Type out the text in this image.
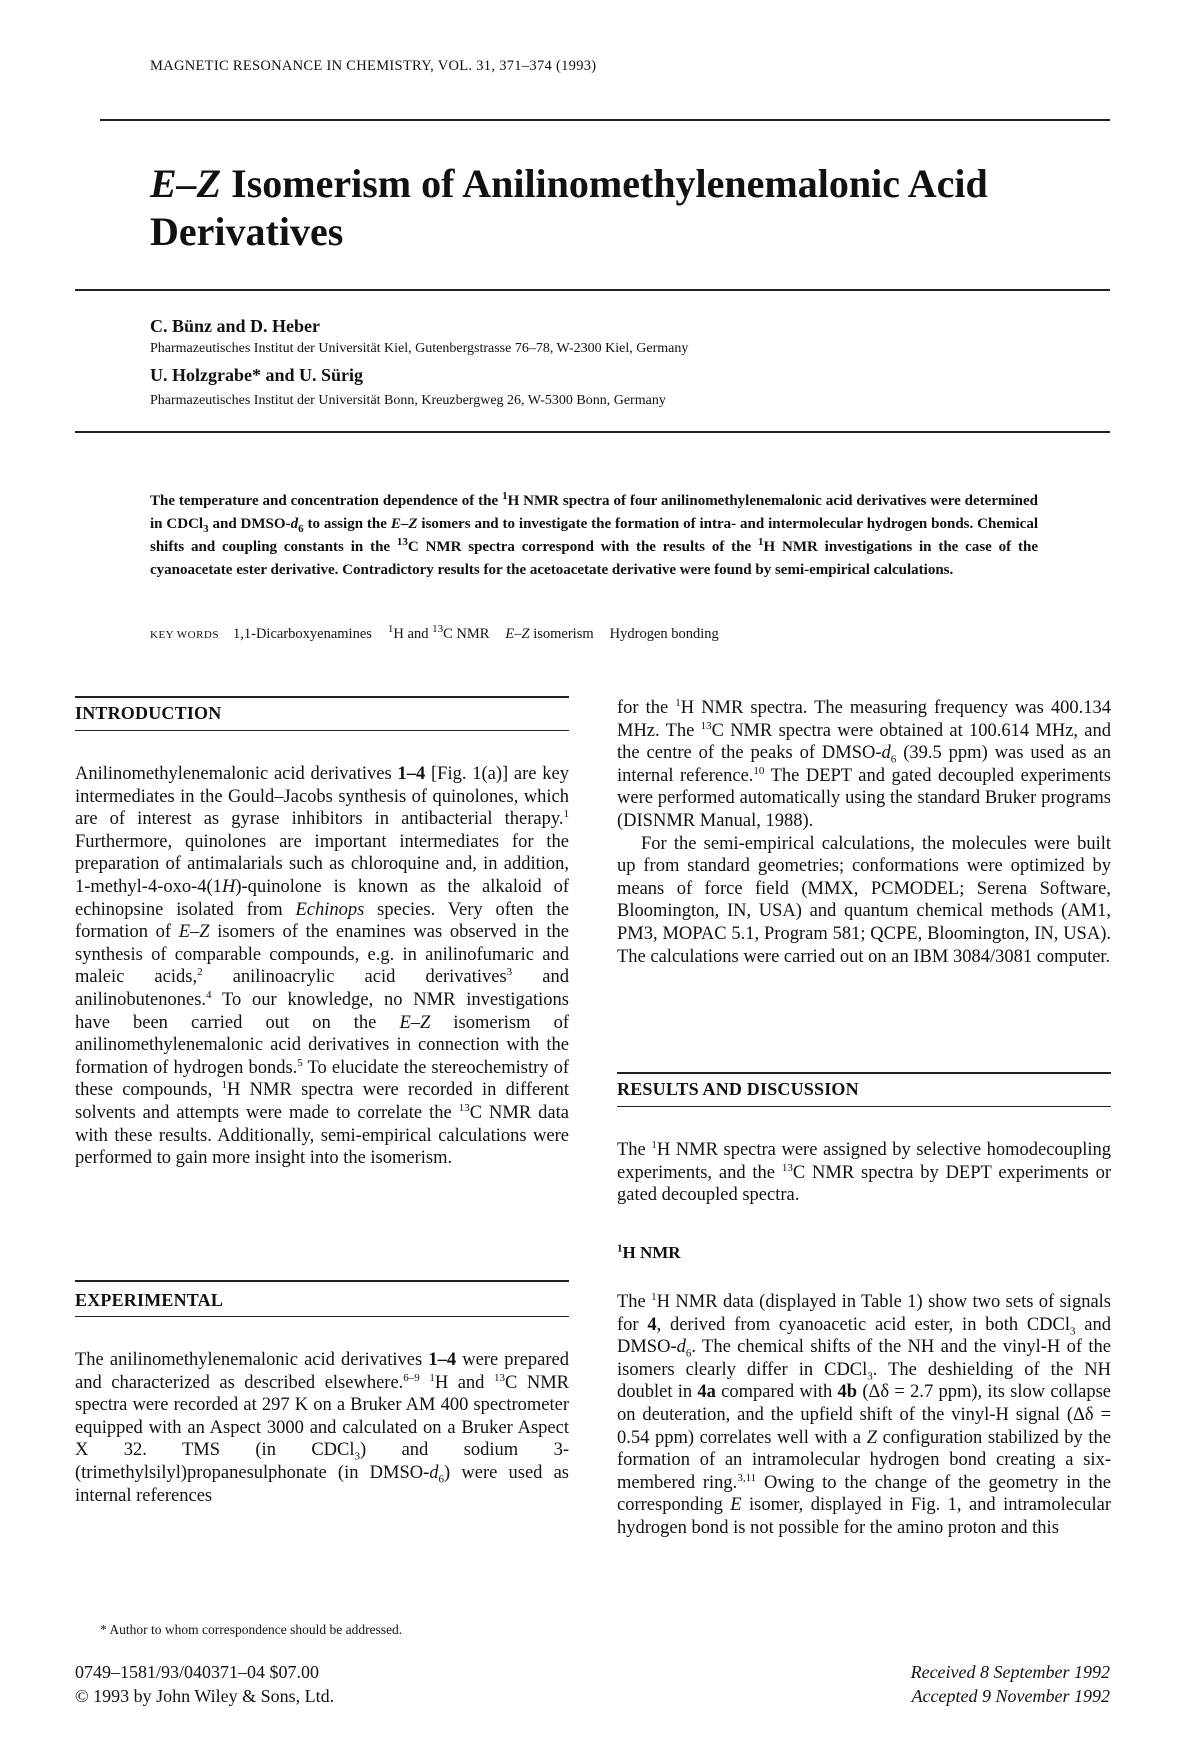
MAGNETIC RESONANCE IN CHEMISTRY, VOL. 31, 371–374 (1993)
E–Z Isomerism of Anilinomethylenemalonic Acid Derivatives
C. Bünz and D. Heber
Pharmazeutisches Institut der Universität Kiel, Gutenbergstrasse 76–78, W-2300 Kiel, Germany
U. Holzgrabe* and U. Sürig
Pharmazeutisches Institut der Universität Bonn, Kreuzbergweg 26, W-5300 Bonn, Germany
The temperature and concentration dependence of the $^1$H NMR spectra of four anilinomethylenemalonic acid derivatives were determined in CDCl$_3$ and DMSO-$d_6$ to assign the E–Z isomers and to investigate the formation of intra- and intermolecular hydrogen bonds. Chemical shifts and coupling constants in the $^{13}$C NMR spectra correspond with the results of the $^1$H NMR investigations in the case of the cyanoacetate ester derivative. Contradictory results for the acetoacetate derivative were found by semi-empirical calculations.
KEY WORDS 1,1-Dicarboxyenamines $^1$H and $^{13}$C NMR E–Z isomerism Hydrogen bonding
INTRODUCTION

Anilinomethylenemalonic acid derivatives 1–4 [Fig. 1(a)] are key intermediates in the Gould–Jacobs synthesis of quinolones, which are of interest as gyrase inhibitors in antibacterial therapy.$^1$ Furthermore, quinolones are important intermediates for the preparation of antimalarials such as chloroquine and, in addition, 1-methyl-4-oxo-4(1H)-quinolone is known as the alkaloid of echinopsine isolated from Echinops species. Very often the formation of E–Z isomers of the enamines was observed in the synthesis of comparable compounds, e.g. in anilinofumaric and maleic acids,$^2$ anilinoacrylic acid derivatives$^3$ and anilinobutenones.$^4$ To our knowledge, no NMR investigations have been carried out on the E–Z isomerism of anilinomethylenemalonic acid derivatives in connection with the formation of hydrogen bonds.$^5$ To elucidate the stereochemistry of these compounds, $^1$H NMR spectra were recorded in different solvents and attempts were made to correlate the $^{13}$C NMR data with these results. Additionally, semi-empirical calculations were performed to gain more insight into the isomerism.

EXPERIMENTAL

The anilinomethylenemalonic acid derivatives 1–4 were prepared and characterized as described elsewhere.$^{6-9}$ $^1$H and $^{13}$C NMR spectra were recorded at 297 K on a Bruker AM 400 spectrometer equipped with an Aspect 3000 and calculated on a Bruker Aspect X 32. TMS (in CDCl$_3$) and sodium 3-(trimethylsilyl)propanesulphonate (in DMSO-$d_6$) were used as internal references

* Author to whom correspondence should be addressed.

for the $^1$H NMR spectra. The measuring frequency was 400.134 MHz. The $^{13}$C NMR spectra were obtained at 100.614 MHz, and the centre of the peaks of DMSO-$d_6$ (39.5 ppm) was used as an internal reference.$^{10}$ The DEPT and gated decoupled experiments were performed automatically using the standard Bruker programs (DISNMR Manual, 1988).

For the semi-empirical calculations, the molecules were built up from standard geometries; conformations were optimized by means of force field (MMX, PCMODEL; Serena Software, Bloomington, IN, USA) and quantum chemical methods (AM1, PM3, MOPAC 5.1, Program 581; QCPE, Bloomington, IN, USA). The calculations were carried out on an IBM 3084/3081 computer.

RESULTS AND DISCUSSION

The $^1$H NMR spectra were assigned by selective homodecoupling experiments, and the $^{13}$C NMR spectra by DEPT experiments or gated decoupled spectra.

$^1$H NMR

The $^1$H NMR data (displayed in Table 1) show two sets of signals for 4, derived from cyanoacetic acid ester, in both CDCl$_3$ and DMSO-$d_6$. The chemical shifts of the NH and the vinyl-H of the isomers clearly differ in CDCl$_3$. The deshielding of the NH doublet in 4a compared with 4b (Δδ = 2.7 ppm), its slow collapse on deuteration, and the upfield shift of the vinyl-H signal (Δδ = 0.54 ppm) correlates well with a Z configuration stabilized by the formation of an intramolecular hydrogen bond creating a six-membered ring.$^{3,11}$ Owing to the change of the geometry in the corresponding E isomer, displayed in Fig. 1, and intramolecular hydrogen bond is not possible for the amino proton and this

0749–1581/93/040371–04 $07.00
© 1993 by John Wiley & Sons, Ltd.
Received 8 September 1992
Accepted 9 November 1992
